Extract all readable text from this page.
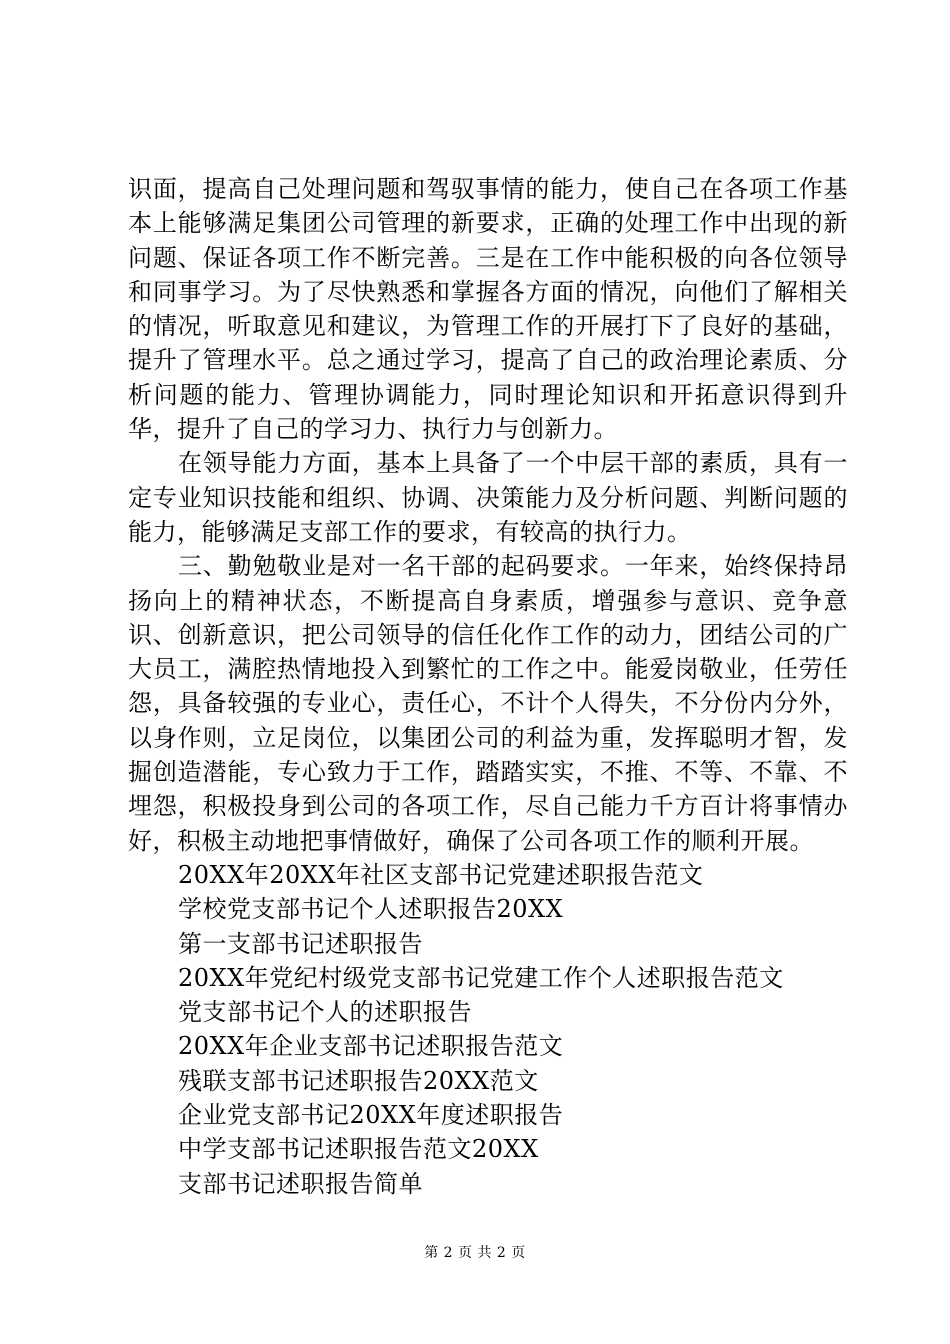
识面，提高自己处理问题和驾驭事情的能力，使自己在各项工作基本上能够满足集团公司管理的新要求，正确的处理工作中出现的新问题、保证各项工作不断完善。三是在工作中能积极的向各位领导和同事学习。为了尽快熟悉和掌握各方面的情况，向他们了解相关的情况，听取意见和建议，为管理工作的开展打下了良好的基础，提升了管理水平。总之通过学习，提高了自己的政治理论素质、分析问题的能力、管理协调能力，同时理论知识和开拓意识得到升华，提升了自己的学习力、执行力与创新力。

在领导能力方面，基本上具备了一个中层干部的素质，具有一定专业知识技能和组织、协调、决策能力及分析问题、判断问题的能力，能够满足支部工作的要求，有较高的执行力。

三、勤勉敬业是对一名干部的起码要求。一年来，始终保持昂扬向上的精神状态，不断提高自身素质，增强参与意识、竞争意识、创新意识，把公司领导的信任化作工作的动力，团结公司的广大员工，满腔热情地投入到繁忙的工作之中。能爱岗敬业，任劳任怨，具备较强的专业心，责任心，不计个人得失，不分份内分外，以身作则，立足岗位，以集团公司的利益为重，发挥聪明才智，发掘创造潜能，专心致力于工作，踏踏实实，不推、不等、不靠、不埋怨，积极投身到公司的各项工作，尽自己能力千方百计将事情办好，积极主动地把事情做好，确保了公司各项工作的顺利开展。

20XX年20XX年社区支部书记党建述职报告范文
学校党支部书记个人述职报告20XX
第一支部书记述职报告
20XX年党纪村级党支部书记党建工作个人述职报告范文
党支部书记个人的述职报告
20XX年企业支部书记述职报告范文
残联支部书记述职报告20XX范文
企业党支部书记20XX年度述职报告
中学支部书记述职报告范文20XX
支部书记述职报告简单
第 2 页 共 2 页
